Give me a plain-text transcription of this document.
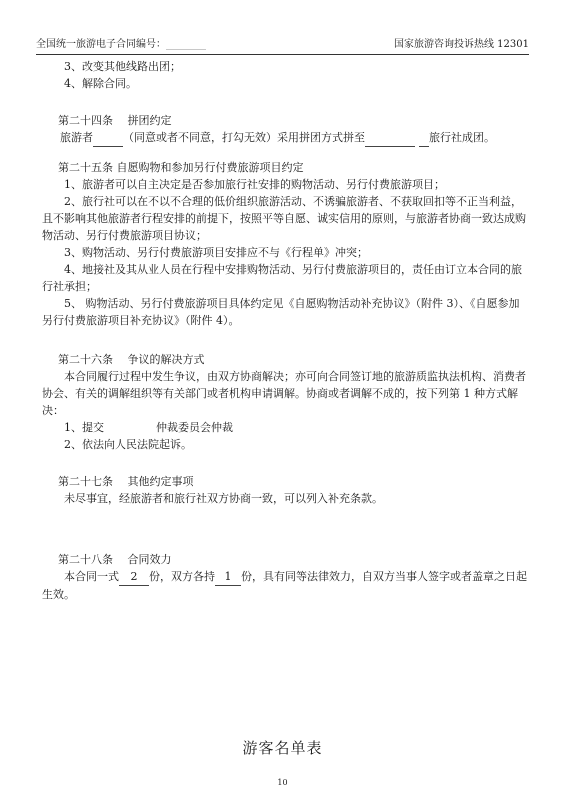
全国统一旅游电子合同编号：________	国家旅游咨询投诉热线 12301

3、改变其他线路出团；

4、解除合同。

第二十四条　 拼团约定

旅游者	（同意或者不同意，打勾无效）采用拼团方式拼至	旅行社成团。

第二十五条 自愿购物和参加另行付费旅游项目约定

1、旅游者可以自主决定是否参加旅行社安排的购物活动、另行付费旅游项目；

2、旅行社可以在不以不合理的低价组织旅游活动、不诱骗旅游者、不获取回扣等不正当利益，且不影响其他旅游者行程安排的前提下，按照平等自愿、诚实信用的原则，与旅游者协商一致达成购物活动、另行付费旅游项目协议；

3、购物活动、另行付费旅游项目安排应不与《行程单》冲突；

4、地接社及其从业人员在行程中安排购物活动、另行付费旅游项目的，责任由订立本合同的旅行社承担；

5、 购物活动、另行付费旅游项目具体约定见《自愿购物活动补充协议》（附件 3）、《自愿参加另行付费旅游项目补充协议》（附件 4）。

第二十六条　 争议的解决方式

本合同履行过程中发生争议，由双方协商解决；亦可向合同签订地的旅游质监执法机构、消费者协会、有关的调解组织等有关部门或者机构申请调解。协商或者调解不成的，按下列第 1 种方式解决：

1、提交	仲裁委员会仲裁

2、依法向人民法院起诉。

第二十七条　 其他约定事项

未尽事宜，经旅游者和旅行社双方协商一致，可以列入补充条款。

第二十八条　 合同效力

本合同一式 2 份，双方各持 1 份，具有同等法律效力，自双方当事人签字或者盖章之日起生效。

游客名单表
10
